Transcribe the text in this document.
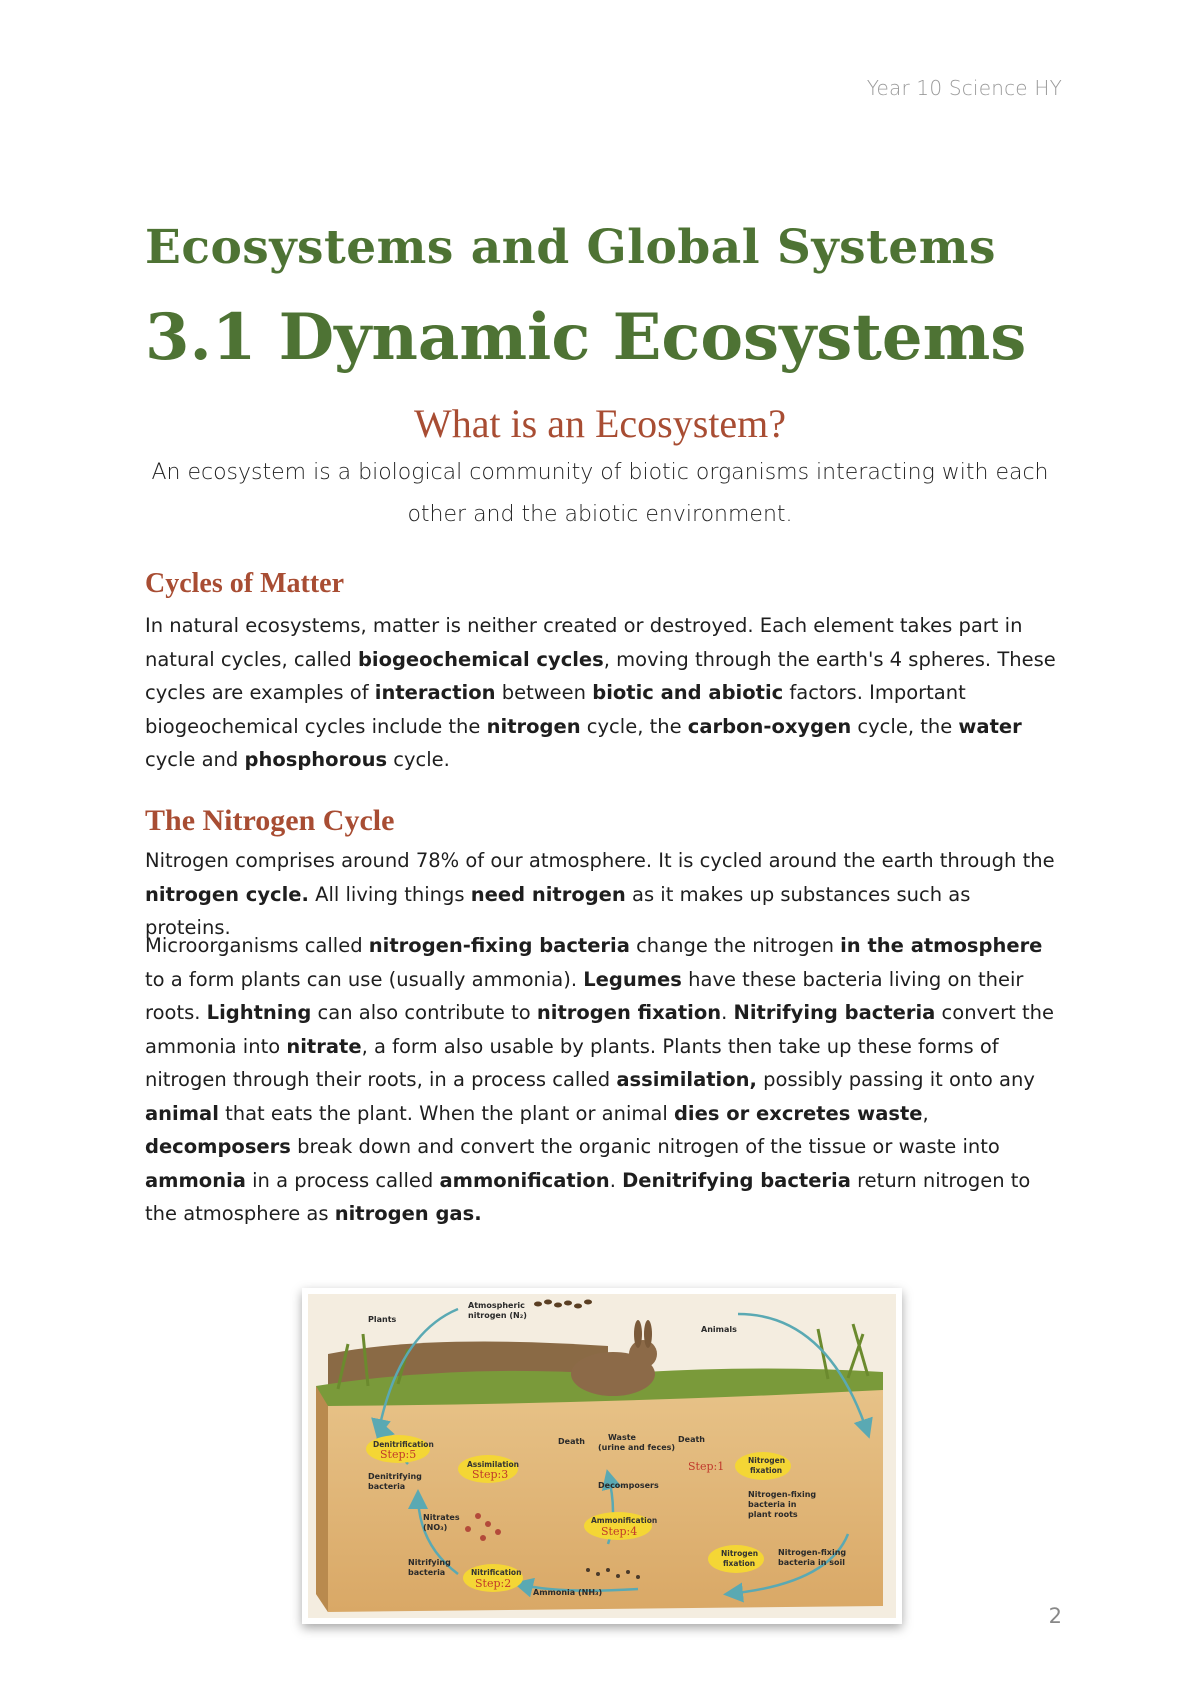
Year 10 Science HY
Ecosystems and Global Systems
3.1 Dynamic Ecosystems
What is an Ecosystem?
An ecosystem is a biological community of biotic organisms interacting with each other and the abiotic environment.
Cycles of Matter

In natural ecosystems, matter is neither created or destroyed. Each element takes part in natural cycles, called biogeochemical cycles, moving through the earth's 4 spheres. These cycles are examples of interaction between biotic and abiotic factors. Important biogeochemical cycles include the nitrogen cycle, the carbon-oxygen cycle, the water cycle and phosphorous cycle.

The Nitrogen Cycle

Nitrogen comprises around 78% of our atmosphere. It is cycled around the earth through the nitrogen cycle. All living things need nitrogen as it makes up substances such as proteins.

Microorganisms called nitrogen-fixing bacteria change the nitrogen in the atmosphere to a form plants can use (usually ammonia). Legumes have these bacteria living on their roots. Lightning can also contribute to nitrogen fixation. Nitrifying bacteria convert the ammonia into nitrate, a form also usable by plants. Plants then take up these forms of nitrogen through their roots, in a process called assimilation, possibly passing it onto any animal that eats the plant. When the plant or animal dies or excretes waste, decomposers break down and convert the organic nitrogen of the tissue or waste into ammonia in a process called ammonification. Denitrifying bacteria return nitrogen to the atmosphere as nitrogen gas.

Plants
Atmospheric
nitrogen (N₂)
Animals
Death	Waste
(urine and feces)
Death
Decomposers
Denitrifying
bacteria
Nitrates
(NO₃)
Nitrifying
bacteria
Ammonia (NH₃)
Nitrogen-fixing
bacteria in
plant roots
Nitrogen-fixing
bacteria in soil
Denitrification
Step:5
Assimilation
Step:3
Ammonification
Step:4
Nitrification
Step:2
Nitrogen
fixation
Step:1
Nitrogen
fixation
2
